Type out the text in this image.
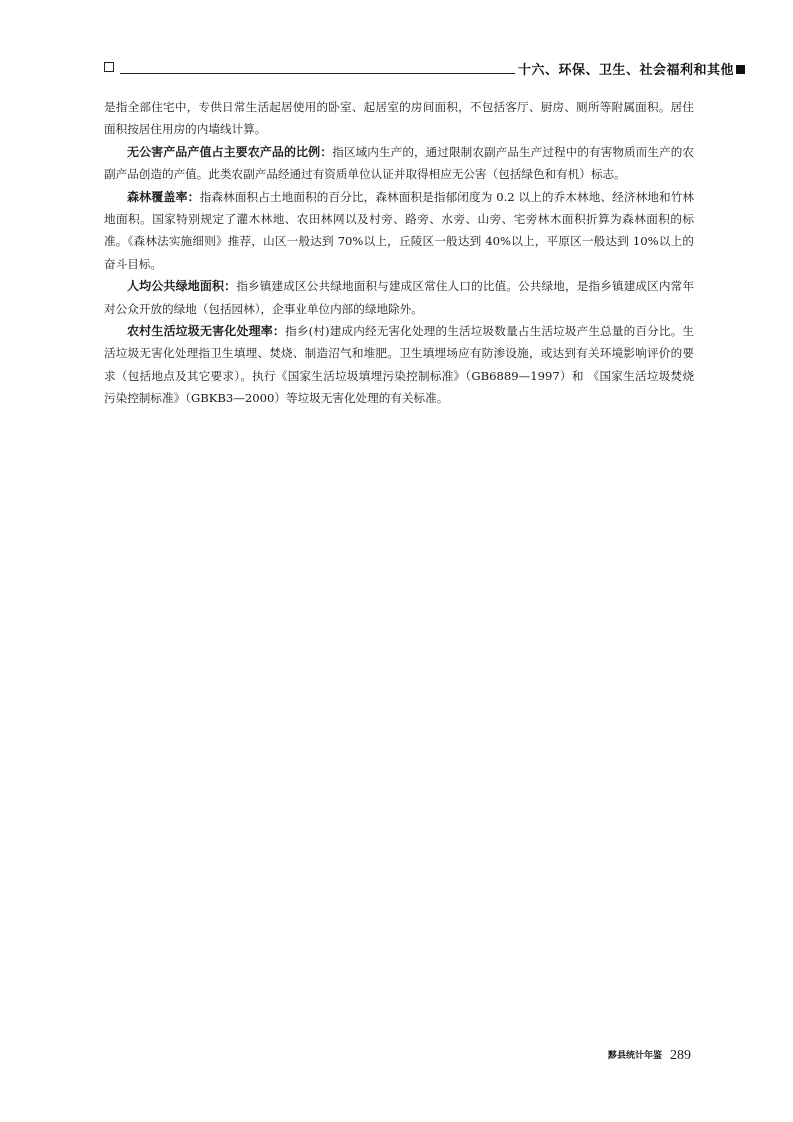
十六、环保、卫生、社会福利和其他

是指全部住宅中，专供日常生活起居使用的卧室、起居室的房间面积，不包括客厅、厨房、厕所等附属面积。居住面积按居住用房的内墙线计算。

无公害产品产值占主要农产品的比例：指区域内生产的，通过限制农副产品生产过程中的有害物质而生产的农副产品创造的产值。此类农副产品经通过有资质单位认证并取得相应无公害（包括绿色和有机）标志。

森林覆盖率：指森林面积占土地面积的百分比，森林面积是指郁闭度为 0.2 以上的乔木林地、经济林地和竹林地面积。国家特别规定了灌木林地、农田林网以及村旁、路旁、水旁、山旁、宅旁林木面积折算为森林面积的标准。《森林法实施细则》推荐，山区一般达到 70%以上，丘陵区一般达到 40%以上，平原区一般达到 10%以上的奋斗目标。

人均公共绿地面积：指乡镇建成区公共绿地面积与建成区常住人口的比值。公共绿地，是指乡镇建成区内常年对公众开放的绿地（包括园林），企事业单位内部的绿地除外。

农村生活垃圾无害化处理率：指乡(村)建成内经无害化处理的生活垃圾数量占生活垃圾产生总量的百分比。生活垃圾无害化处理指卫生填埋、焚烧、制造沼气和堆肥。卫生填埋场应有防渗设施，或达到有关环境影响评价的要求（包括地点及其它要求）。执行《国家生活垃圾填埋污染控制标准》（GB6889—1997）和 《国家生活垃圾焚烧污染控制标准》（GBKB3—2000）等垃圾无害化处理的有关标准。

黟县统计年鉴 289
